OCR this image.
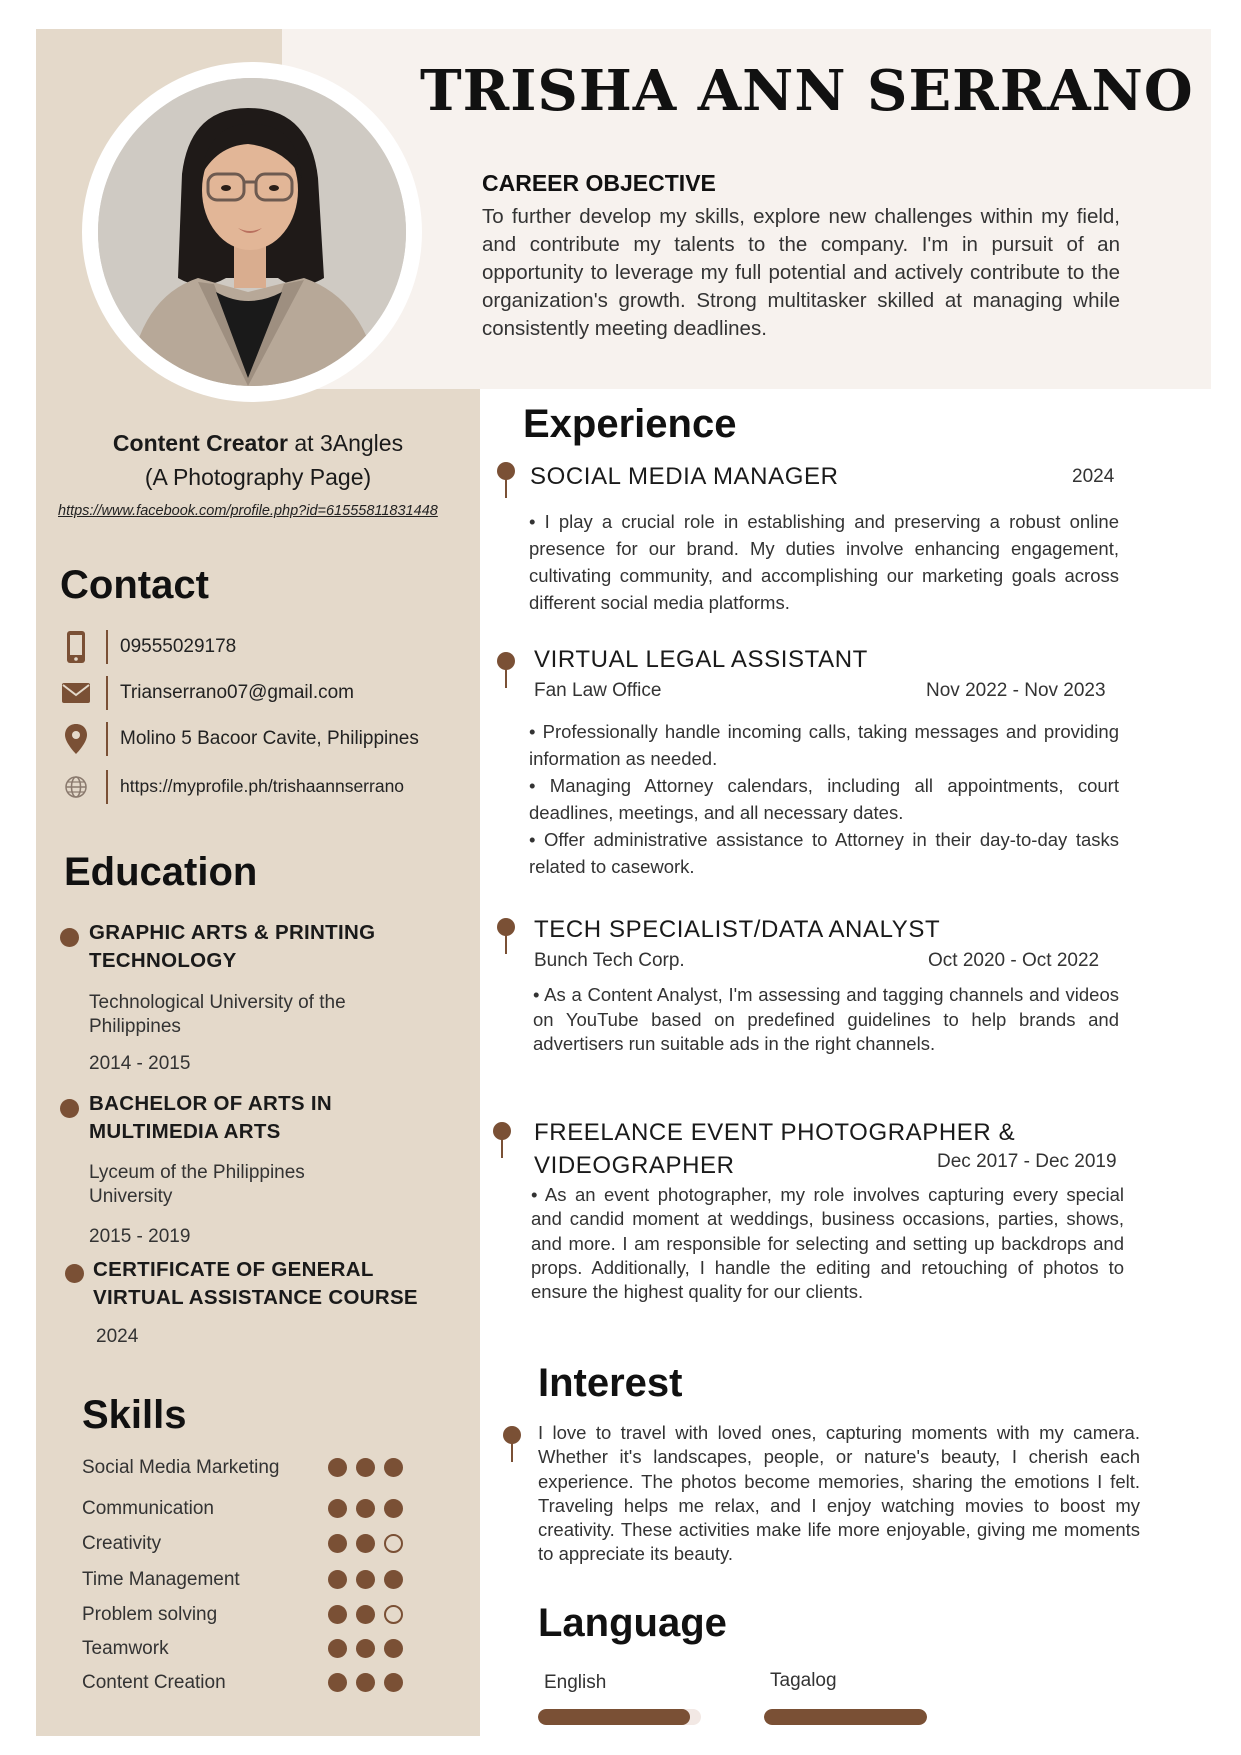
TRISHA ANN SERRANO
CAREER OBJECTIVE
To further develop my skills, explore new challenges within my field, and contribute my talents to the company. I'm in pursuit of an opportunity to leverage my full potential and actively contribute to the organization's growth. Strong multitasker skilled at managing while consistently meeting deadlines.
Content Creator at 3Angles
(A Photography Page)
https://www.facebook.com/profile.php?id=61555811831448
Contact
09555029178
Trianserrano07@gmail.com
Molino 5 Bacoor Cavite, Philippines
https://myprofile.ph/trishaannserrano
Education
GRAPHIC ARTS & PRINTING
TECHNOLOGY
Technological University of the
Philippines
2014 - 2015
BACHELOR OF ARTS IN
MULTIMEDIA ARTS
Lyceum of the Philippines
University
2015 - 2019
CERTIFICATE OF GENERAL
VIRTUAL ASSISTANCE COURSE
2024
Skills
Social Media Marketing
Communication
Creativity
Time Management
Problem solving
Teamwork
Content Creation
Experience
SOCIAL MEDIA MANAGER	2024
• I play a crucial role in establishing and preserving a robust online presence for our brand. My duties involve enhancing engagement, cultivating community, and accomplishing our marketing goals across different social media platforms.
VIRTUAL LEGAL ASSISTANT
Fan Law Office	Nov 2022 - Nov 2023
• Professionally handle incoming calls, taking messages and providing information as needed.
• Managing Attorney calendars, including all appointments, court deadlines, meetings, and all necessary dates.
• Offer administrative assistance to Attorney in their day-to-day tasks related to casework.
TECH SPECIALIST/DATA ANALYST
Bunch Tech Corp.	Oct 2020 - Oct 2022
• As a Content Analyst, I'm assessing and tagging channels and videos on YouTube based on predefined guidelines to help brands and advertisers run suitable ads in the right channels.
FREELANCE EVENT PHOTOGRAPHER &
VIDEOGRAPHER	Dec 2017 - Dec 2019
• As an event photographer, my role involves capturing every special and candid moment at weddings, business occasions, parties, shows, and more. I am responsible for selecting and setting up backdrops and props. Additionally, I handle the editing and retouching of photos to ensure the highest quality for our clients.
Interest
I love to travel with loved ones, capturing moments with my camera. Whether it's landscapes, people, or nature's beauty, I cherish each experience. The photos become memories, sharing the emotions I felt. Traveling helps me relax, and I enjoy watching movies to boost my creativity. These activities make life more enjoyable, giving me moments to appreciate its beauty.
Language
English	Tagalog
